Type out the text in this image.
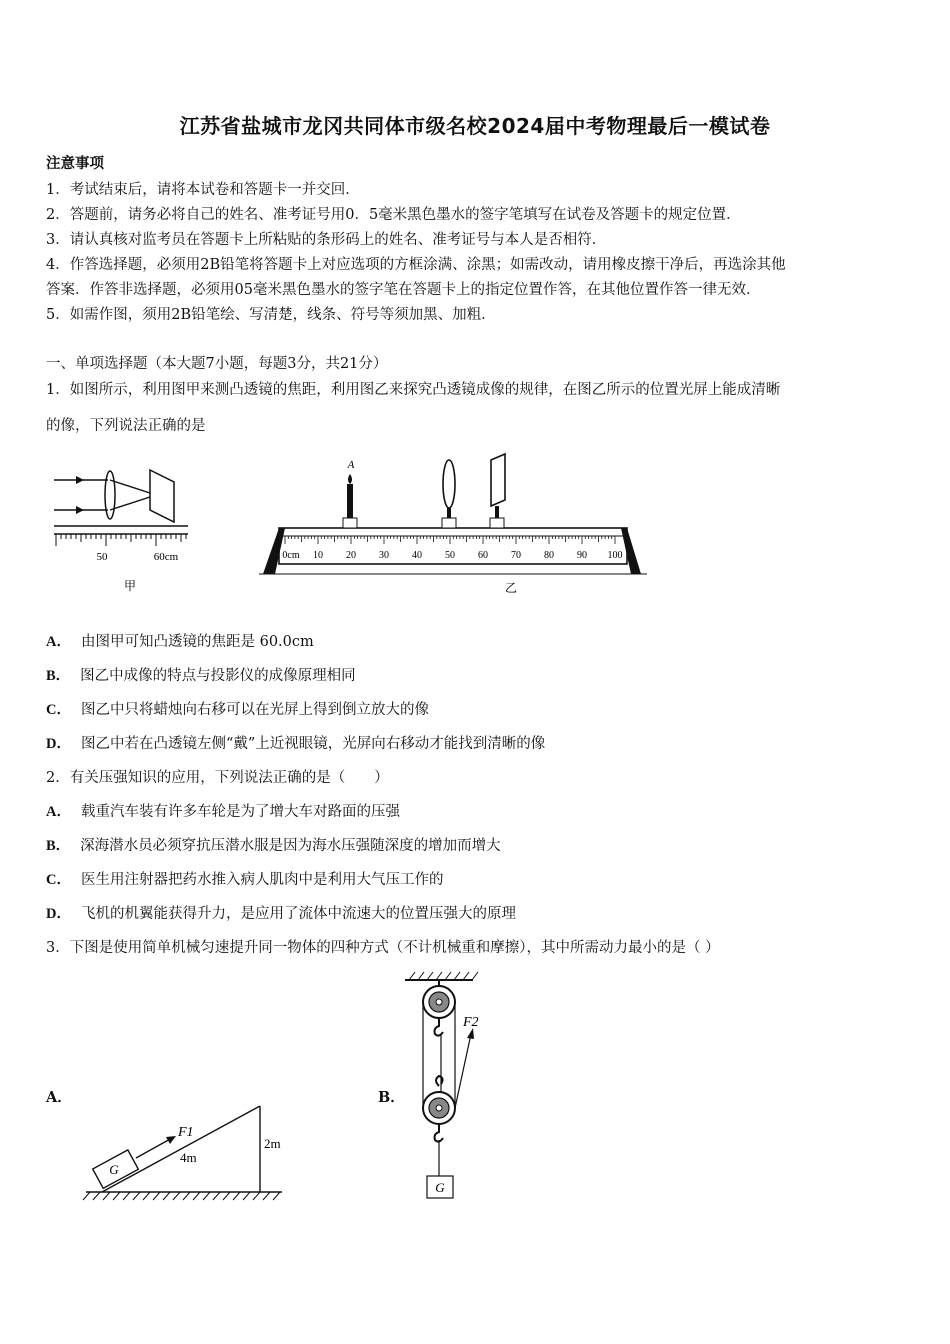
江苏省盐城市龙冈共同体市级名校2024届中考物理最后一模试卷
注意事项
1．考试结束后，请将本试卷和答题卡一并交回．
2．答题前，请务必将自己的姓名、准考证号用0．5毫米黑色墨水的签字笔填写在试卷及答题卡的规定位置．
3．请认真核对监考员在答题卡上所粘贴的条形码上的姓名、准考证号与本人是否相符．
4．作答选择题，必须用2B铅笔将答题卡上对应选项的方框涂满、涂黑；如需改动，请用橡皮擦干净后，再选涂其他
答案．作答非选择题，必须用05毫米黑色墨水的签字笔在答题卡上的指定位置作答，在其他位置作答一律无效．
5．如需作图，须用2B铅笔绘、写清楚，线条、符号等须加黑、加粗．
一、单项选择题（本大题7小题，每题3分，共21分）
1．如图所示，利用图甲来测凸透镜的焦距，利用图乙来探究凸透镜成像的规律，在图乙所示的位置光屏上能成清晰
的像，下列说法正确的是
50	60cm
甲
0cm 10 20 30 40 50 60 70 80 90 100
A
乙
A． 由图甲可知凸透镜的焦距是 60.0cm
B． 图乙中成像的特点与投影仪的成像原理相同
C． 图乙中只将蜡烛向右移可以在光屏上得到倒立放大的像
D． 图乙中若在凸透镜左侧“戴”上近视眼镜，光屏向右移动才能找到清晰的像
2．有关压强知识的应用，下列说法正确的是（　　）
A． 载重汽车装有许多车轮是为了增大车对路面的压强
B． 深海潜水员必须穿抗压潜水服是因为海水压强随深度的增加而增大
C． 医生用注射器把药水推入病人肌肉中是利用大气压工作的
D． 飞机的机翼能获得升力，是应用了流体中流速大的位置压强大的原理
3．下图是使用简单机械匀速提升同一物体的四种方式（不计机械重和摩擦），其中所需动力最小的是（ ）
A．
G
F1
4m
2m
B．
F2
G
